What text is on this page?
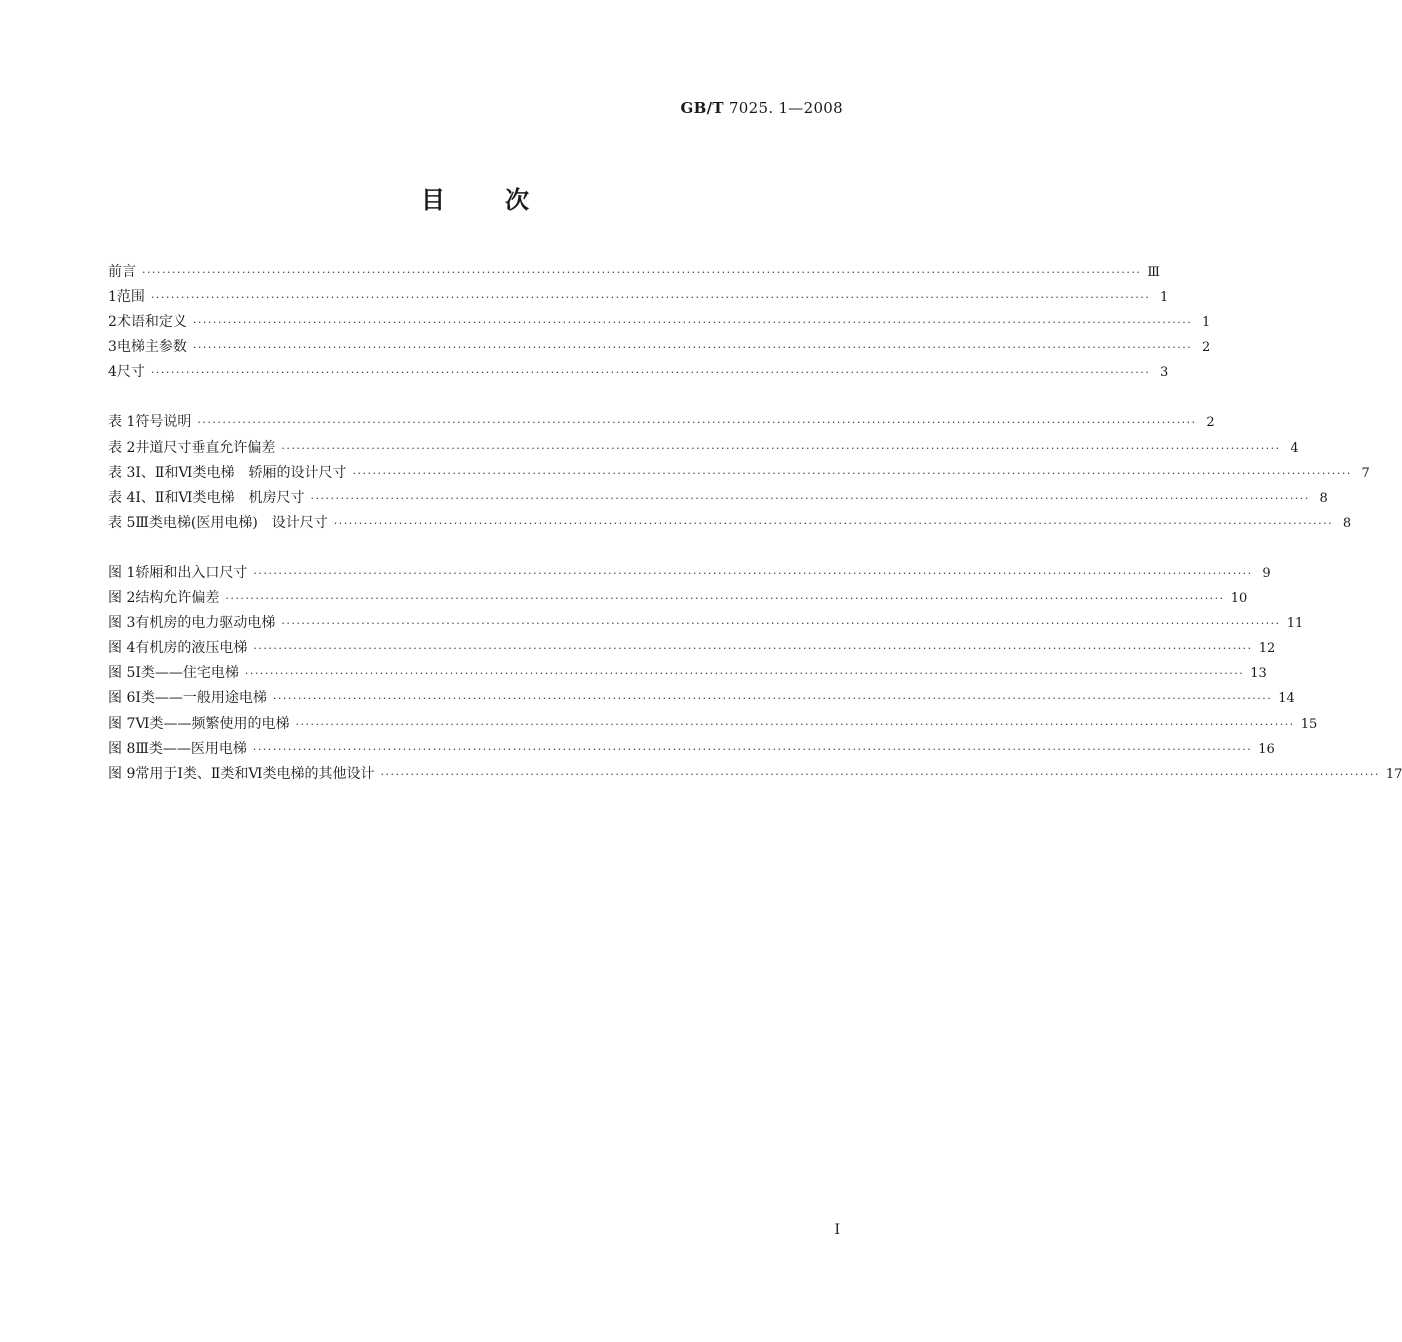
GB/T 7025. 1—2008
目次
前言 ········································································································································································································ Ⅲ
1 范围 ········································································································································································································ 1
2 术语和定义 ········································································································································································································ 1
3 电梯主参数 ········································································································································································································ 2
4 尺寸 ········································································································································································································ 3
表 1 符号说明 ········································································································································································································ 2
表 2 井道尺寸垂直允许偏差 ········································································································································································································ 4
表 3 Ⅰ、Ⅱ和Ⅵ类电梯　轿厢的设计尺寸 ········································································································································································································ 7
表 4 Ⅰ、Ⅱ和Ⅵ类电梯　机房尺寸 ········································································································································································································ 8
表 5 Ⅲ类电梯(医用电梯)　设计尺寸 ········································································································································································································ 8
图 1 轿厢和出入口尺寸 ········································································································································································································ 9
图 2 结构允许偏差 ········································································································································································································ 10
图 3 有机房的电力驱动电梯 ········································································································································································································ 11
图 4 有机房的液压电梯 ········································································································································································································ 12
图 5 Ⅰ类——住宅电梯 ········································································································································································································ 13
图 6 Ⅰ类——一般用途电梯 ········································································································································································································ 14
图 7 Ⅵ类——频繁使用的电梯 ········································································································································································································ 15
图 8 Ⅲ类——医用电梯 ········································································································································································································ 16
图 9 常用于Ⅰ类、Ⅱ类和Ⅵ类电梯的其他设计 ········································································································································································································ 17
Ⅰ
